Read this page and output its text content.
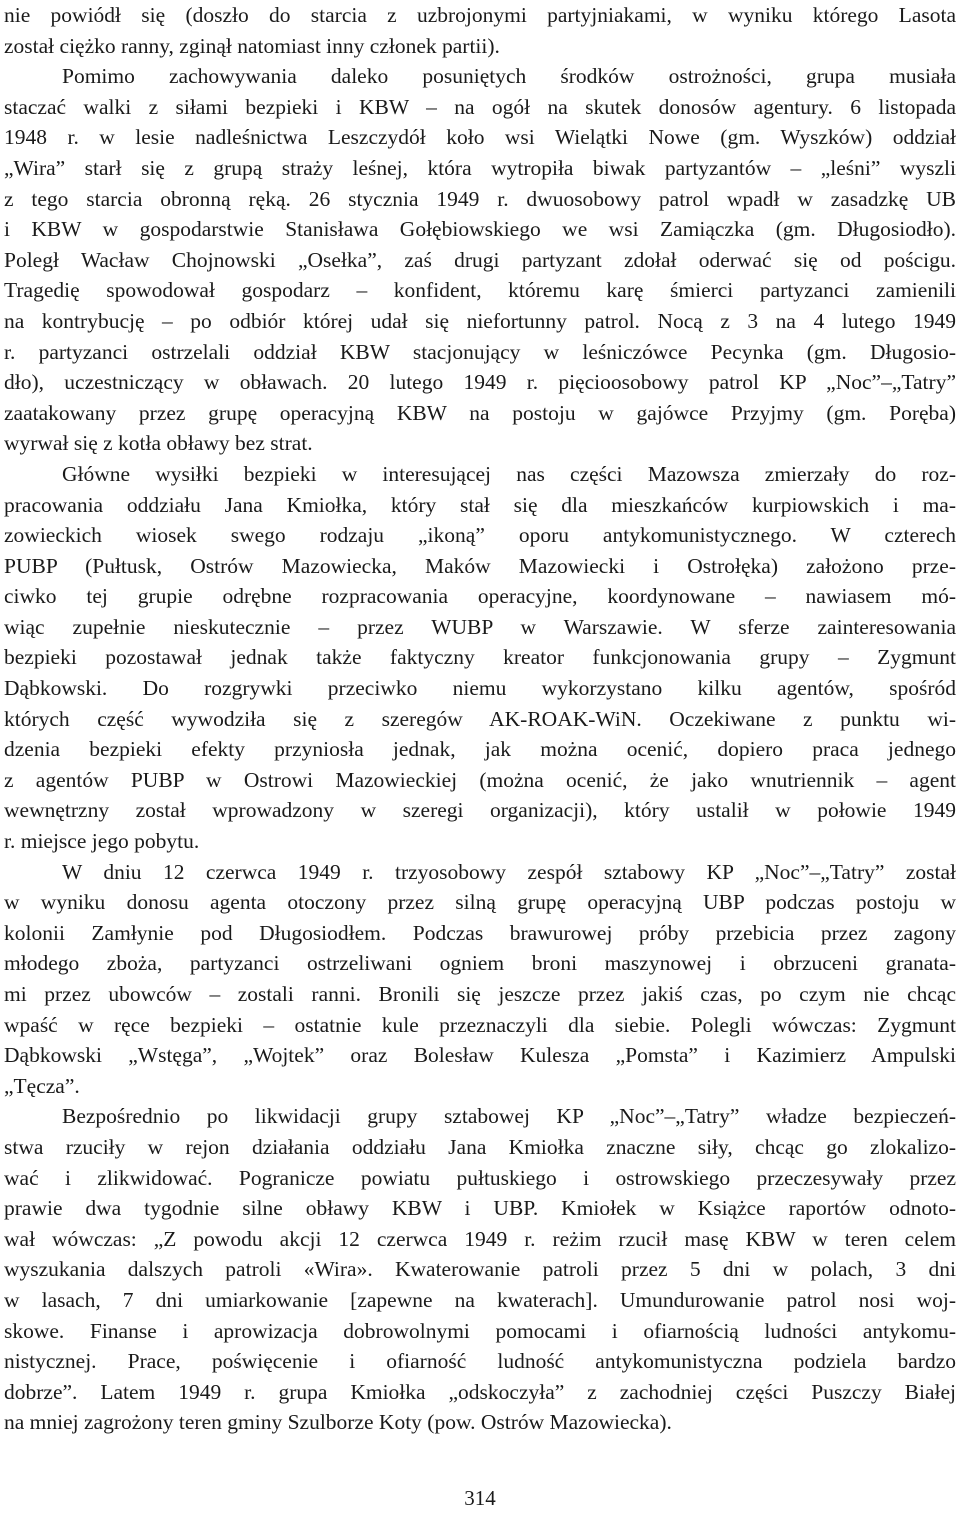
nie powiódł się (doszło do starcia z uzbrojonymi partyjniakami, w wyniku którego Lasota
został ciężko ranny, zginął natomiast inny członek partii).
Pomimo zachowywania daleko posuniętych środków ostrożności, grupa musiała
staczać walki z siłami bezpieki i KBW – na ogół na skutek donosów agentury. 6 listopada
1948 r. w lesie nadleśnictwa Leszczydół koło wsi Wielątki Nowe (gm. Wyszków) oddział
„Wira” starł się z grupą straży leśnej, która wytropiła biwak partyzantów – „leśni” wyszli
z tego starcia obronną ręką. 26 stycznia 1949 r. dwuosobowy patrol wpadł w zasadzkę UB
i KBW w gospodarstwie Stanisława Gołębiowskiego we wsi Zamiączka (gm. Długosiodło).
Poległ Wacław Chojnowski „Osełka”, zaś drugi partyzant zdołał oderwać się od pościgu.
Tragedię spowodował gospodarz – konfident, któremu karę śmierci partyzanci zamienili
na kontrybucję – po odbiór której udał się niefortunny patrol. Nocą z 3 na 4 lutego 1949
r. partyzanci ostrzelali oddział KBW stacjonujący w leśniczówce Pecynka (gm. Długosio-
dło), uczestniczący w obławach. 20 lutego 1949 r. pięcioosobowy patrol KP „Noc”–„Tatry”
zaatakowany przez grupę operacyjną KBW na postoju w gajówce Przyjmy (gm. Poręba)
wyrwał się z kotła obławy bez strat.
Główne wysiłki bezpieki w interesującej nas części Mazowsza zmierzały do roz-
pracowania oddziału Jana Kmiołka, który stał się dla mieszkańców kurpiowskich i ma-
zowieckich wiosek swego rodzaju „ikoną” oporu antykomunistycznego. W czterech
PUBP (Pułtusk, Ostrów Mazowiecka, Maków Mazowiecki i Ostrołęka) założono prze-
ciwko tej grupie odrębne rozpracowania operacyjne, koordynowane – nawiasem mó-
wiąc zupełnie nieskutecznie – przez WUBP w Warszawie. W sferze zainteresowania
bezpieki pozostawał jednak także faktyczny kreator funkcjonowania grupy – Zygmunt
Dąbkowski. Do rozgrywki przeciwko niemu wykorzystano kilku agentów, spośród
których część wywodziła się z szeregów AK-ROAK-WiN. Oczekiwane z punktu wi-
dzenia bezpieki efekty przyniosła jednak, jak można ocenić, dopiero praca jednego
z agentów PUBP w Ostrowi Mazowieckiej (można ocenić, że jako wnutriennik – agent
wewnętrzny został wprowadzony w szeregi organizacji), który ustalił w połowie 1949
r. miejsce jego pobytu.
W dniu 12 czerwca 1949 r. trzyosobowy zespół sztabowy KP „Noc”–„Tatry” został
w wyniku donosu agenta otoczony przez silną grupę operacyjną UBP podczas postoju w
kolonii Zamłynie pod Długosiodłem. Podczas brawurowej próby przebicia przez zagony
młodego zboża, partyzanci ostrzeliwani ogniem broni maszynowej i obrzuceni granata-
mi przez ubowców – zostali ranni. Bronili się jeszcze przez jakiś czas, po czym nie chcąc
wpaść w ręce bezpieki – ostatnie kule przeznaczyli dla siebie. Polegli wówczas: Zygmunt
Dąbkowski „Wstęga”, „Wojtek” oraz Bolesław Kulesza „Pomsta” i Kazimierz Ampulski
„Tęcza”.
Bezpośrednio po likwidacji grupy sztabowej KP „Noc”–„Tatry” władze bezpieczeń-
stwa rzuciły w rejon działania oddziału Jana Kmiołka znaczne siły, chcąc go zlokalizo-
wać i zlikwidować. Pogranicze powiatu pułtuskiego i ostrowskiego przeczesywały przez
prawie dwa tygodnie silne obławy KBW i UBP. Kmiołek w Książce raportów odnoto-
wał wówczas: „Z powodu akcji 12 czerwca 1949 r. reżim rzucił masę KBW w teren celem
wyszukania dalszych patroli «Wira». Kwaterowanie patroli przez 5 dni w polach, 3 dni
w lasach, 7 dni umiarkowanie [zapewne na kwaterach]. Umundurowanie patrol nosi woj-
skowe. Finanse i aprowizacja dobrowolnymi pomocami i ofiarnością ludności antykomu-
nistycznej. Prace, poświęcenie i ofiarność ludność antykomunistyczna podziela bardzo
dobrze”. Latem 1949 r. grupa Kmiołka „odskoczyła” z zachodniej części Puszczy Białej
na mniej zagrożony teren gminy Szulborze Koty (pow. Ostrów Mazowiecka).
314
